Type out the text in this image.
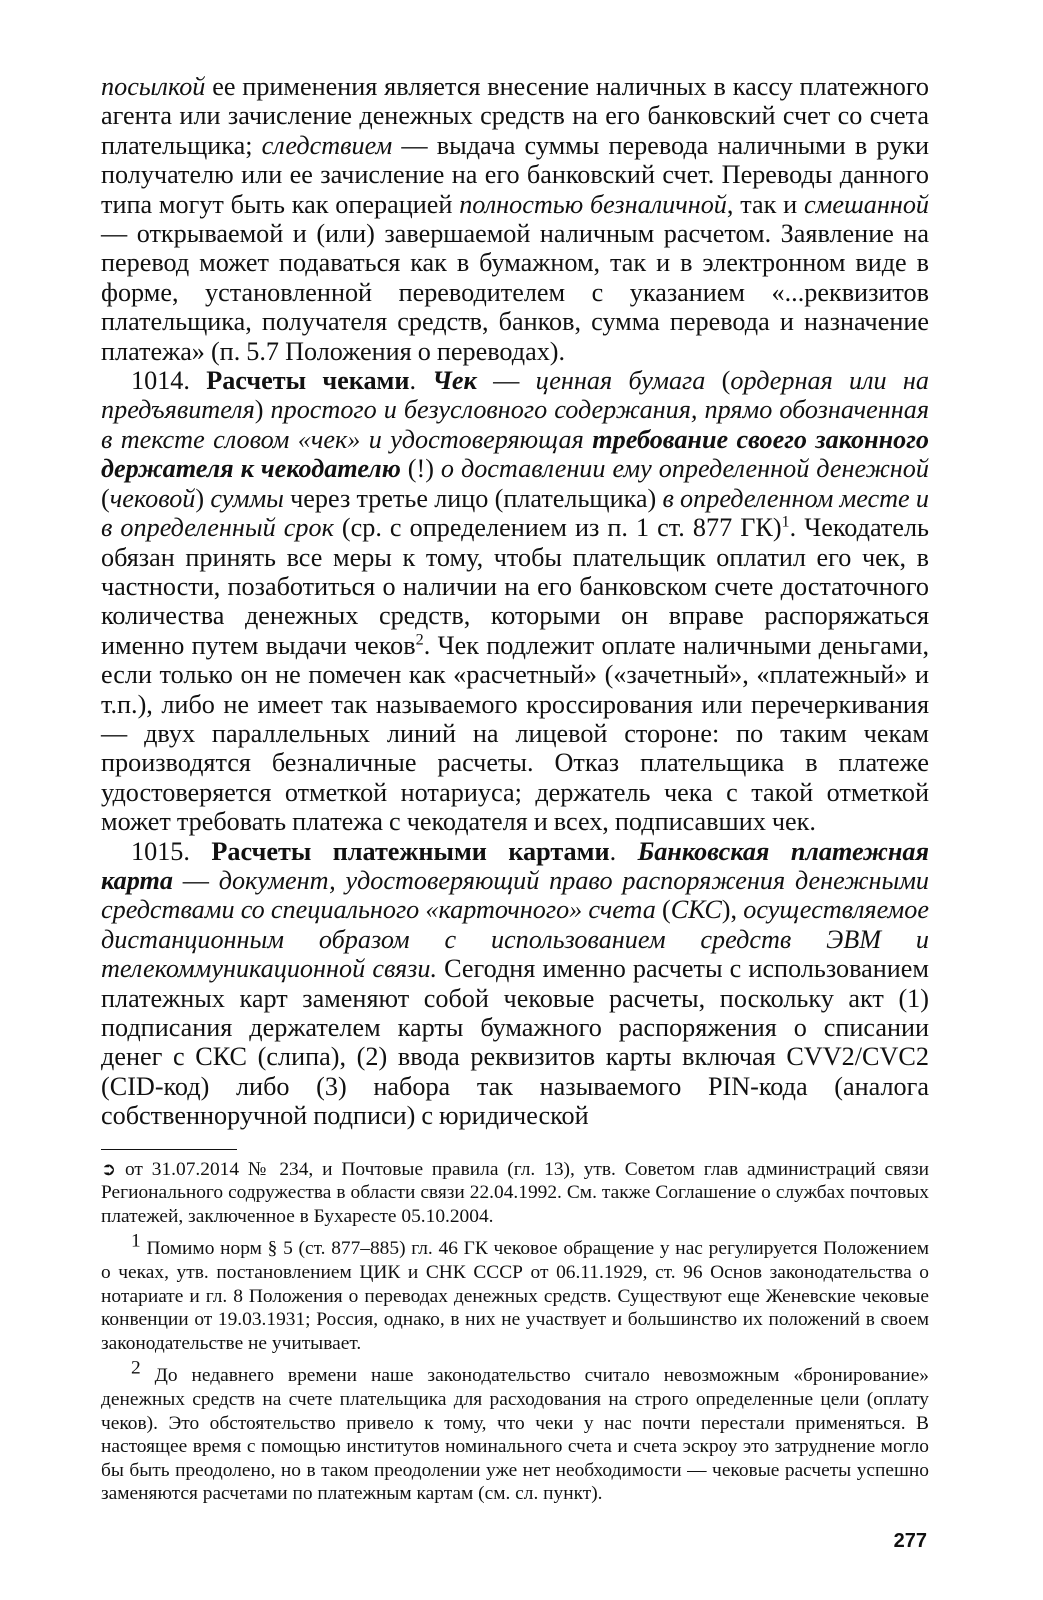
посылкой ее применения является внесение наличных в кассу платежного агента или зачисление денежных средств на его банковский счет со счета плательщика; следствием — выдача суммы перевода наличными в руки получателю или ее зачисление на его банковский счет. Переводы данного типа могут быть как операцией полностью безналичной, так и смешанной — открываемой и (или) завершаемой наличным расчетом. Заявление на перевод может подаваться как в бумажном, так и в электронном виде в форме, установленной переводителем с указанием «...реквизитов плательщика, получателя средств, банков, сумма перевода и назначение платежа» (п. 5.7 Положения о переводах).

1014. Расчеты чеками. Чек — ценная бумага (ордерная или на предъявителя) простого и безусловного содержания, прямо обозначенная в тексте словом «чек» и удостоверяющая требование своего законного держателя к чекодателю (!) о доставлении ему определенной денежной (чековой) суммы через третье лицо (плательщика) в определенном месте и в определенный срок (ср. с определением из п. 1 ст. 877 ГК)$^1$. Чекодатель обязан принять все меры к тому, чтобы плательщик оплатил его чек, в частности, позаботиться о наличии на его банковском счете достаточного количества денежных средств, которыми он вправе распоряжаться именно путем выдачи чеков$^2$. Чек подлежит оплате наличными деньгами, если только он не помечен как «расчетный» («зачетный», «платежный» и т.п.), либо не имеет так называемого кроссирования или перечеркивания — двух параллельных линий на лицевой стороне: по таким чекам производятся безналичные расчеты. Отказ плательщика в платеже удостоверяется отметкой нотариуса; держатель чека с такой отметкой может требовать платежа с чекодателя и всех, подписавших чек.

1015. Расчеты платежными картами. Банковская платежная карта — документ, удостоверяющий право распоряжения денежными средствами со специального «карточного» счета (СКС), осуществляемое дистанционным образом с использованием средств ЭВМ и телекоммуникационной связи. Сегодня именно расчеты с использованием платежных карт заменяют собой чековые расчеты, поскольку акт (1) подписания держателем карты бумажного распоряжения о списании денег с СКС (слипа), (2) ввода реквизитов карты включая CVV2/CVC2 (CID-код) либо (3) набора так называемого PIN-кода (аналога собственноручной подписи) с юридической

➲ от 31.07.2014 № 234, и Почтовые правила (гл. 13), утв. Советом глав администраций связи Регионального содружества в области связи 22.04.1992. См. также Соглашение о службах почтовых платежей, заключенное в Бухаресте 05.10.2004.

1 Помимо норм § 5 (ст. 877–885) гл. 46 ГК чековое обращение у нас регулируется Положением о чеках, утв. постановлением ЦИК и СНК СССР от 06.11.1929, ст. 96 Основ законодательства о нотариате и гл. 8 Положения о переводах денежных средств. Существуют еще Женевские чековые конвенции от 19.03.1931; Россия, однако, в них не участвует и большинство их положений в своем законодательстве не учитывает.

2 До недавнего времени наше законодательство считало невозможным «бронирование» денежных средств на счете плательщика для расходования на строго определенные цели (оплату чеков). Это обстоятельство привело к тому, что чеки у нас почти перестали применяться. В настоящее время с помощью институтов номинального счета и счета эскроу это затруднение могло бы быть преодолено, но в таком преодолении уже нет необходимости — чековые расчеты успешно заменяются расчетами по платежным картам (см. сл. пункт).

277
